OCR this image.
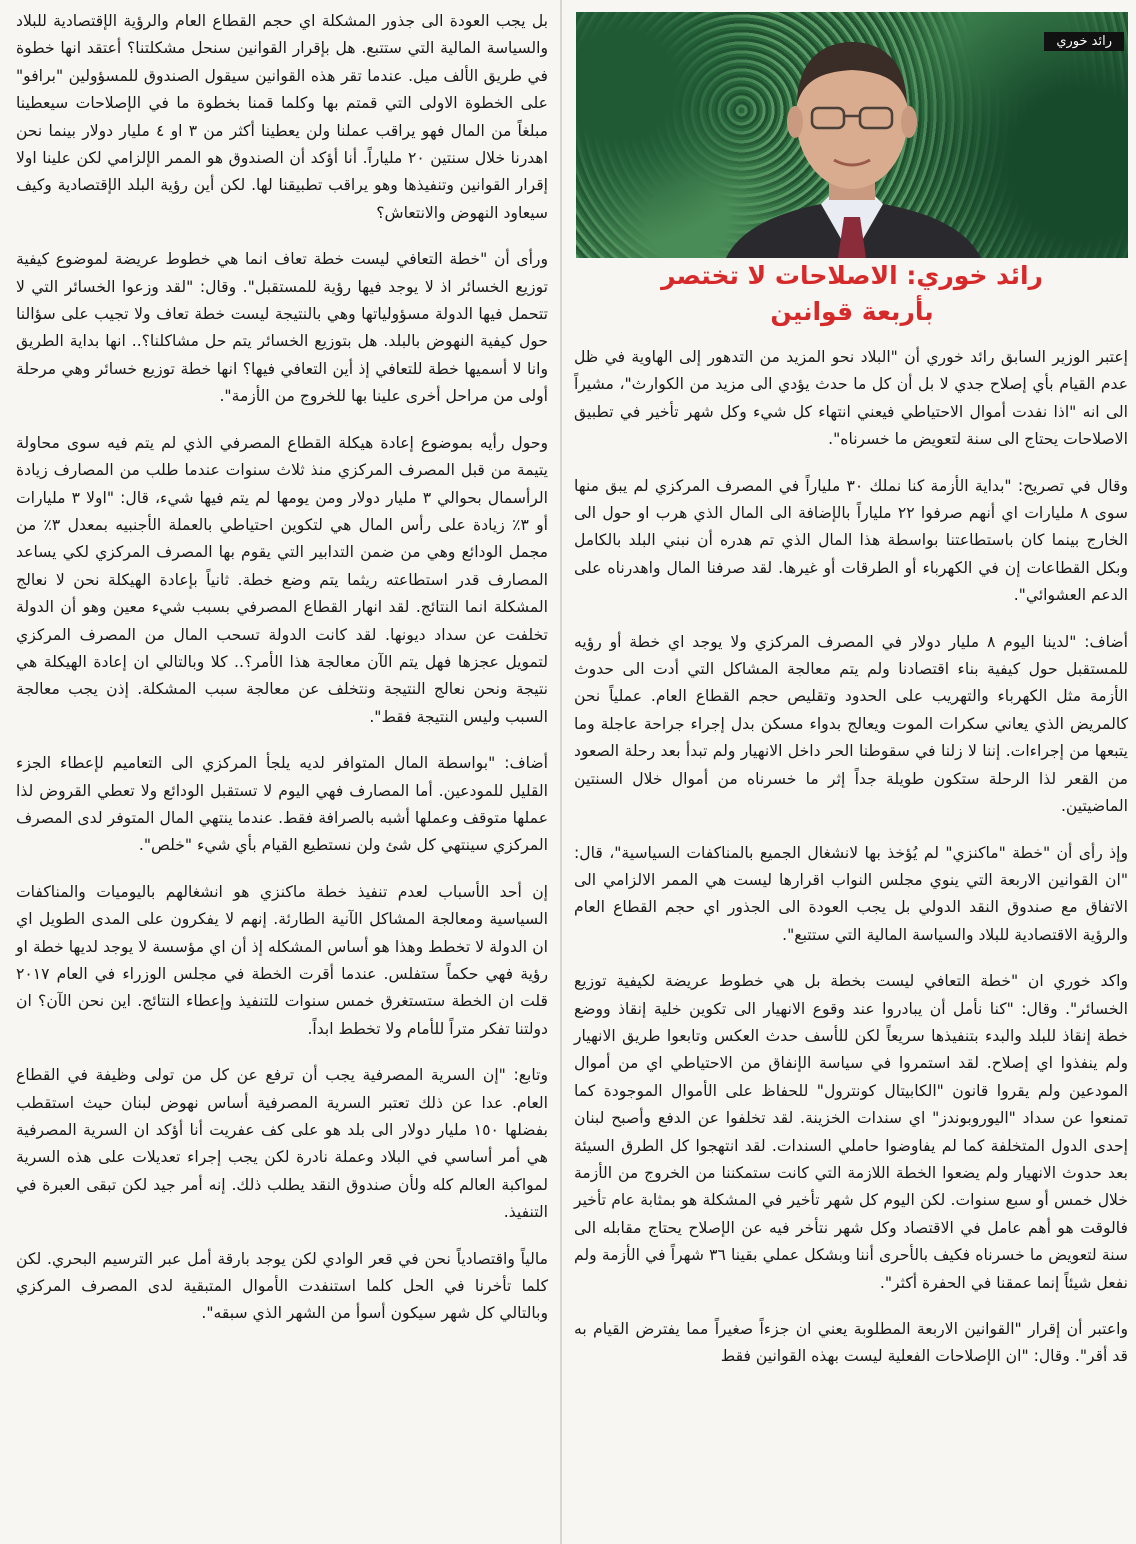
بل يجب العودة الى جذور المشكلة اي حجم القطاع العام والرؤية الإقتصادية للبلاد والسياسة المالية التي ستتبع. هل بإقرار القوانين سنحل مشكلتنا؟ أعتقد انها خطوة في طريق الألف ميل. عندما تقر هذه القوانين سيقول الصندوق للمسؤولين "برافو" على الخطوة الاولى التي قمتم بها وكلما قمنا بخطوة ما في الإصلاحات سيعطينا مبلغاً من المال فهو يراقب عملنا ولن يعطينا أكثر من ٣ او ٤ مليار دولار بينما نحن اهدرنا خلال سنتين ٢٠ ملياراً. أنا أؤكد أن الصندوق هو الممر الإلزامي لكن علينا اولا إقرار القوانين وتنفيذها وهو يراقب تطبيقنا لها. لكن أين رؤية البلد الإقتصادية وكيف سيعاود النهوض والانتعاش؟

ورأى أن "خطة التعافي ليست خطة تعاف انما هي خطوط عريضة لموضوع كيفية توزيع الخسائر اذ لا يوجد فيها رؤية للمستقبل". وقال: "لقد وزعوا الخسائر التي لا تتحمل فيها الدولة مسؤولياتها وهي بالنتيجة ليست خطة تعاف ولا تجيب على سؤالنا حول كيفية النهوض بالبلد. هل بتوزيع الخسائر يتم حل مشاكلنا؟.. انها بداية الطريق وانا لا أسميها خطة للتعافي إذ أين التعافي فيها؟ انها خطة توزيع خسائر وهي مرحلة أولى من مراحل أخرى علينا بها للخروج من الأزمة".

وحول رأيه بموضوع إعادة هيكلة القطاع المصرفي الذي لم يتم فيه سوى محاولة يتيمة من قبل المصرف المركزي منذ ثلاث سنوات عندما طلب من المصارف زيادة الرأسمال بحوالي ٣ مليار دولار ومن يومها لم يتم فيها شيء، قال: "اولا ٣ مليارات أو ٣٪ زيادة على رأس المال هي لتكوين احتياطي بالعملة الأجنبيه بمعدل ٣٪ من مجمل الودائع وهي من ضمن التدابير التي يقوم بها المصرف المركزي لكي يساعد المصارف قدر استطاعته ريثما يتم وضع خطة. ثانياً بإعادة الهيكلة نحن لا نعالج المشكلة انما النتائج. لقد انهار القطاع المصرفي بسبب شيء معين وهو أن الدولة تخلفت عن سداد ديونها. لقد كانت الدولة تسحب المال من المصرف المركزي لتمويل عجزها فهل يتم الآن معالجة هذا الأمر؟.. كلا وبالتالي ان إعادة الهيكلة هي نتيجة ونحن نعالج النتيجة ونتخلف عن معالجة سبب المشكلة. إذن يجب معالجة السبب وليس النتيجة فقط".

أضاف: "بواسطة المال المتوافر لديه يلجأ المركزي الى التعاميم لإعطاء الجزء القليل للمودعين. أما المصارف فهي اليوم لا تستقبل الودائع ولا تعطي القروض لذا عملها متوقف وعملها أشبه بالصرافة فقط. عندما ينتهي المال المتوفر لدى المصرف المركزي سينتهي كل شئ ولن نستطيع القيام بأي شيء "خلص".

إن أحد الأسباب لعدم تنفيذ خطة ماكنزي هو انشغالهم باليوميات والمناكفات السياسية ومعالجة المشاكل الآنية الطارئة. إنهم لا يفكرون على المدى الطويل اي ان الدولة لا تخطط وهذا هو أساس المشكله إذ أن اي مؤسسة لا يوجد لديها خطة او رؤية فهي حكماً ستفلس. عندما أقرت الخطة في مجلس الوزراء في العام ٢٠١٧ قلت ان الخطة ستستغرق خمس سنوات للتنفيذ وإعطاء النتائج. اين نحن الآن؟ ان دولتنا تفكر متراً للأمام ولا تخطط ابداً.

وتابع: "إن السرية المصرفية يجب أن ترفع عن كل من تولى وظيفة في القطاع العام. عدا عن ذلك تعتبر السرية المصرفية أساس نهوض لبنان حيث استقطب بفضلها ١٥٠ مليار دولار الى بلد هو على كف عفريت أنا أؤكد ان السرية المصرفية هي أمر أساسي في البلاد وعملة نادرة لكن يجب إجراء تعديلات على هذه السرية لمواكبة العالم كله ولأن صندوق النقد يطلب ذلك. إنه أمر جيد لكن تبقى العبرة في التنفيذ.

مالياً واقتصادياً نحن في قعر الوادي لكن يوجد بارقة أمل عبر الترسيم البحري. لكن كلما تأخرنا في الحل كلما استنفدت الأموال المتبقية لدى المصرف المركزي وبالتالي كل شهر سيكون أسوأ من الشهر الذي سبقه".

رائد خوري
رائد خوري: الاصلاحات لا تختصر
بأربعة قوانين

إعتبر الوزير السابق رائد خوري أن "البلاد نحو المزيد من التدهور إلى الهاوية في ظل عدم القيام بأي إصلاح جدي لا بل أن كل ما حدث يؤدي الى مزيد من الكوارث"، مشيراً الى انه "اذا نفدت أموال الاحتياطي فيعني انتهاء كل شيء وكل شهر تأخير في تطبيق الاصلاحات يحتاج الى سنة لتعويض ما خسرناه".

وقال في تصريح: "بداية الأزمة كنا نملك ٣٠ ملياراً في المصرف المركزي لم يبق منها سوى ٨ مليارات اي أنهم صرفوا ٢٢ ملياراً بالإضافة الى المال الذي هرب او حول الى الخارج بينما كان باستطاعتنا بواسطة هذا المال الذي تم هدره أن نبني البلد بالكامل وبكل القطاعات إن في الكهرباء أو الطرقات أو غيرها. لقد صرفنا المال واهدرناه على الدعم العشوائي".

أضاف: "لدينا اليوم ٨ مليار دولار في المصرف المركزي ولا يوجد اي خطة أو رؤيه للمستقبل حول كيفية بناء اقتصادنا ولم يتم معالجة المشاكل التي أدت الى حدوث الأزمة مثل الكهرباء والتهريب على الحدود وتقليص حجم القطاع العام. عملياً نحن كالمريض الذي يعاني سكرات الموت ويعالج بدواء مسكن بدل إجراء جراحة عاجلة وما يتبعها من إجراءات. إننا لا زلنا في سقوطنا الحر داخل الانهيار ولم تبدأ بعد رحلة الصعود من القعر لذا الرحلة ستكون طويلة جداً إثر ما خسرناه من أموال خلال السنتين الماضيتين.

وإذ رأى أن "خطة "ماكنزي" لم يُؤخذ بها لانشغال الجميع بالمناكفات السياسية"، قال: "ان القوانين الاربعة التي ينوي مجلس النواب اقرارها ليست هي الممر الالزامي الى الاتفاق مع صندوق النقد الدولي بل يجب العودة الى الجذور اي حجم القطاع العام والرؤية الاقتصادية للبلاد والسياسة المالية التي ستتبع".

واكد خوري ان "خطة التعافي ليست بخطة بل هي خطوط عريضة لكيفية توزيع الخسائر". وقال: "كنا نأمل أن يبادروا عند وقوع الانهيار الى تكوين خلية إنقاذ ووضع خطة إنقاذ للبلد والبدء بتنفيذها سريعاً لكن للأسف حدث العكس وتابعوا طريق الانهيار ولم ينفذوا اي إصلاح. لقد استمروا في سياسة الإنفاق من الاحتياطي اي من أموال المودعين ولم يقروا قانون "الكابيتال كونترول" للحفاظ على الأموال الموجودة كما تمنعوا عن سداد "اليوروبوندز" اي سندات الخزينة. لقد تخلفوا عن الدفع وأصبح لبنان إحدى الدول المتخلفة كما لم يفاوضوا حاملي السندات. لقد انتهجوا كل الطرق السيئة بعد حدوث الانهيار ولم يضعوا الخطة اللازمة التي كانت ستمكننا من الخروج من الأزمة خلال خمس أو سبع سنوات. لكن اليوم كل شهر تأخير في المشكلة هو بمثابة عام تأخير فالوقت هو أهم عامل في الاقتصاد وكل شهر نتأخر فيه عن الإصلاح يحتاج مقابله الى سنة لتعويض ما خسرناه فكيف بالأحرى أننا وبشكل عملي بقينا ٣٦ شهراً في الأزمة ولم نفعل شيئاً إنما عمقنا في الحفرة أكثر".

واعتبر أن إقرار "القوانين الاربعة المطلوبة يعني ان جزءاً صغيراً مما يفترض القيام به قد أقر". وقال: "ان الإصلاحات الفعلية ليست بهذه القوانين فقط
